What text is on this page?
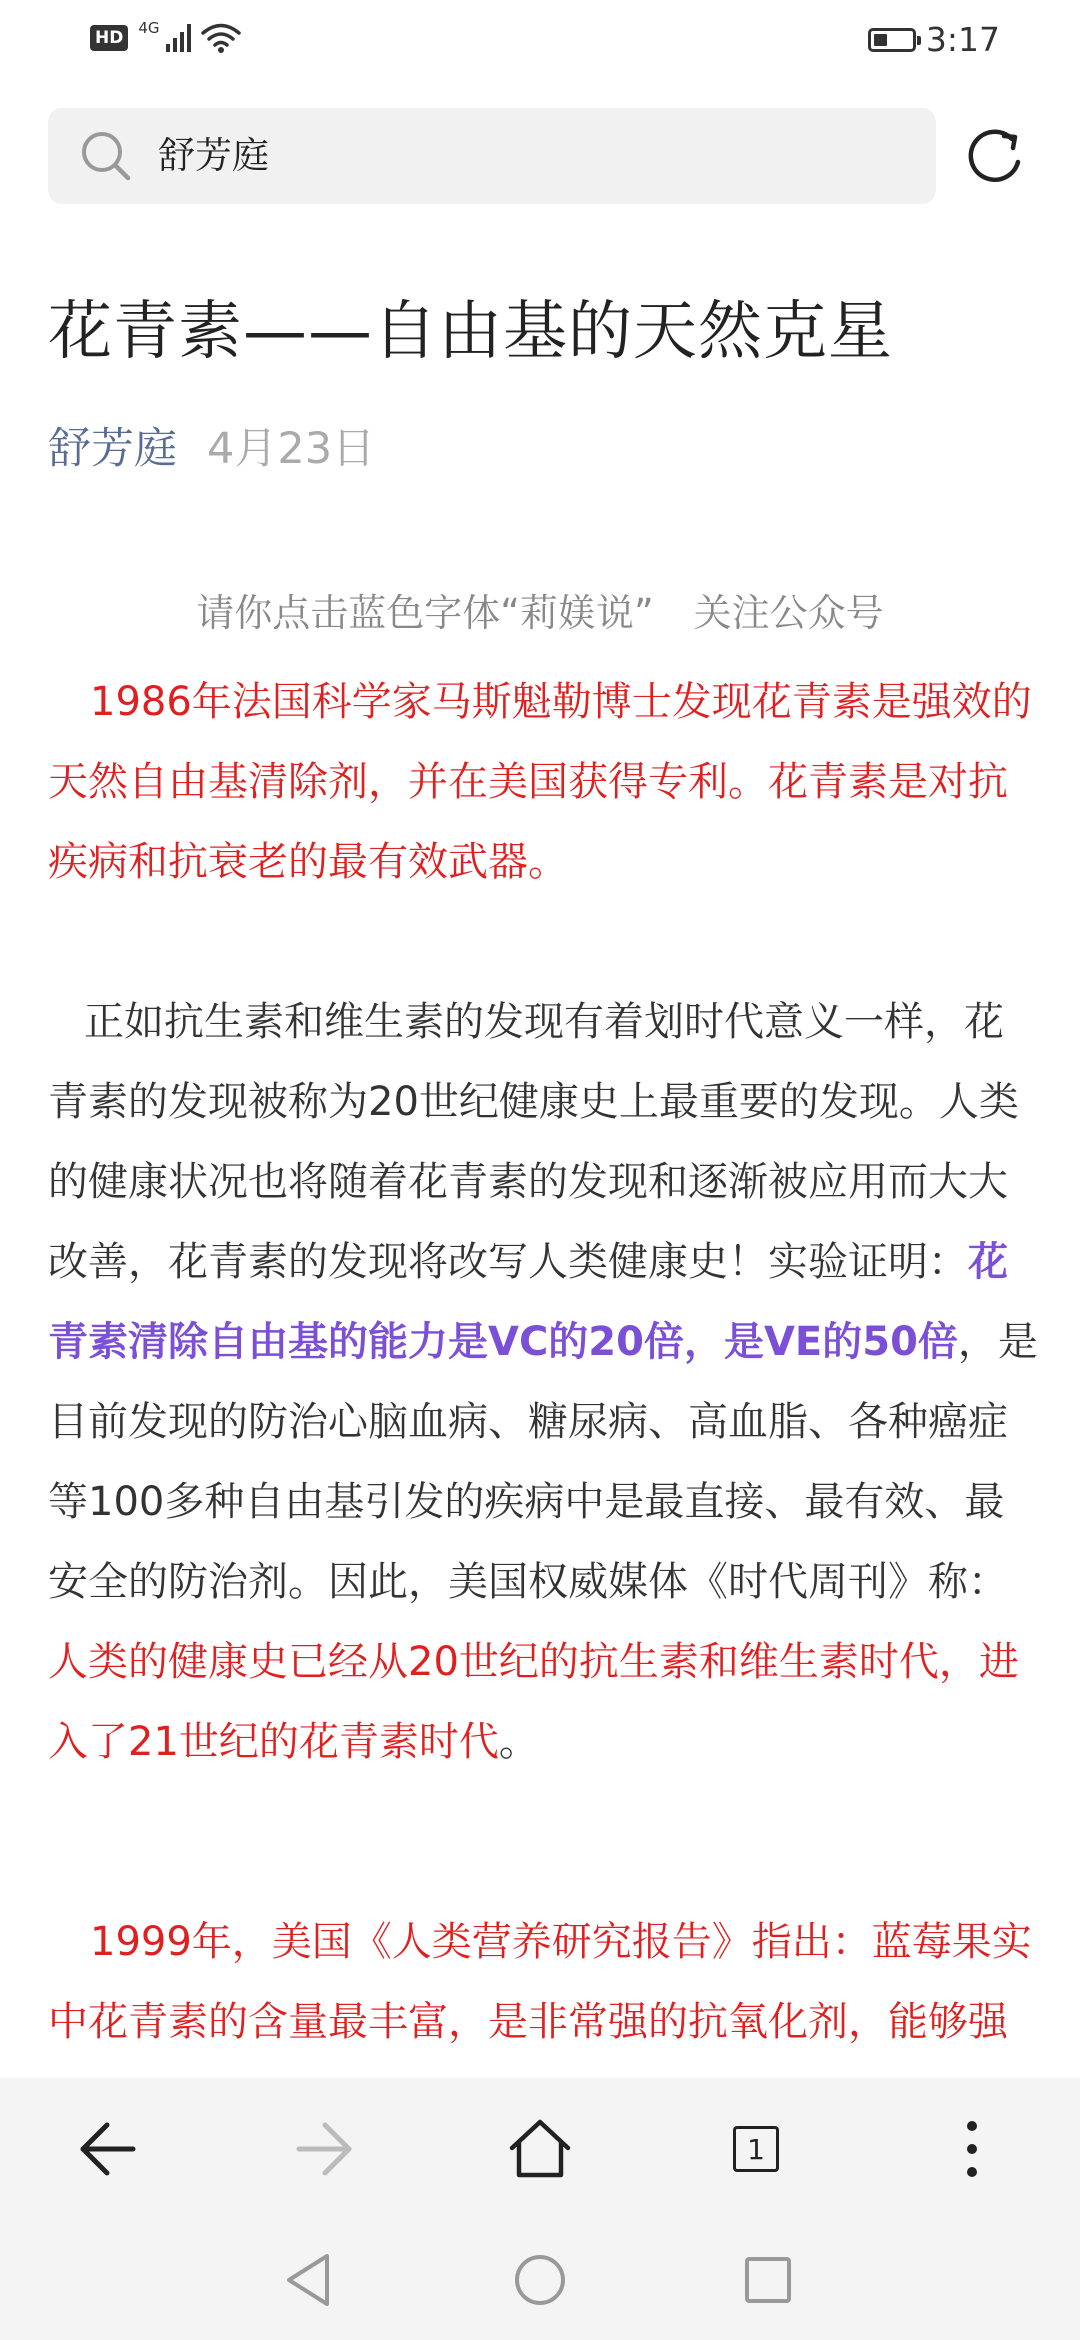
HD	4G	3:17
舒芳庭
花青素——自由基的天然克星
舒芳庭 4月23日
请你点击蓝色字体“莉媄说” 关注公众号

1986年法国科学家马斯魁勒博士发现花青素是强效的天然自由基清除剂，并在美国获得专利。花青素是对抗疾病和抗衰老的最有效武器。

正如抗生素和维生素的发现有着划时代意义一样，花青素的发现被称为20世纪健康史上最重要的发现。人类的健康状况也将随着花青素的发现和逐渐被应用而大大改善，花青素的发现将改写人类健康史！实验证明：花青素清除自由基的能力是VC的20倍，是VE的50倍，是目前发现的防治心脑血病、糖尿病、高血脂、各种癌症等100多种自由基引发的疾病中是最直接、最有效、最安全的防治剂。因此，美国权威媒体《时代周刊》称：人类的健康史已经从20世纪的抗生素和维生素时代，进入了21世纪的花青素时代。

1999年，美国《人类营养研究报告》指出：蓝莓果实中花青素的含量最丰富，是非常强的抗氧化剂，能够强

1
